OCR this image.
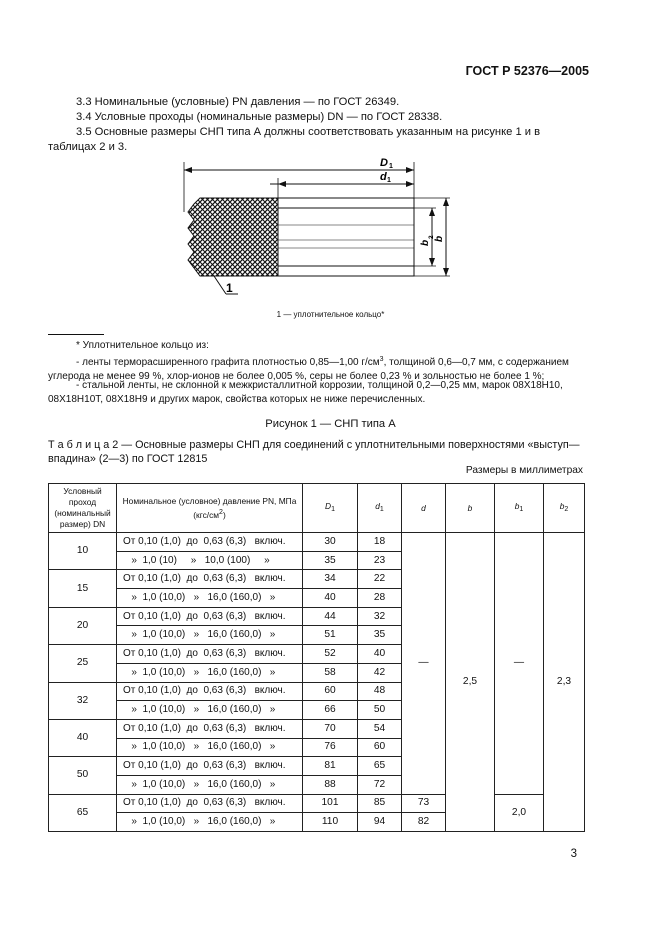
ГОСТ Р 52376—2005
3.3 Номинальные (условные) PN давления — по ГОСТ 26349.
3.4 Условные проходы (номинальные размеры) DN — по ГОСТ 28338.
3.5 Основные размеры СНП типа А должны соответствовать указанным на рисунке 1 и в таблицах 2 и 3.
D 1
d 1
b
2 b
1
1 — уплотнительное кольцо*
* Уплотнительное кольцо из:
- ленты терморасширенного графита плотностью 0,85—1,00 $г/см^3$, толщиной 0,6—0,7 мм, с содержанием углерода не менее 99 %, хлор-ионов не более 0,005 %, серы не более 0,23 % и зольностью не более 1 %;
- стальной ленты, не склонной к межкристаллитной коррозии, толщиной 0,2—0,25 мм, марок 08Х18Н10, 08Х18Н10Т, 08Х18Н9 и других марок, свойства которых не ниже перечисленных.
Рисунок 1 — СНП типа А
Т а б л и ц а 2 — Основные размеры СНП для соединений с уплотнительными поверхностями «выступ—впадина» (2—3) по ГОСТ 12815
Размеры в миллиметрах
Условный проход (номинальный размер) DN	Номинальное (условное) давление PN, МПа $(кгс/см^2)$	$D_1$	$d_1$	d	b	$b_1$	$b_2$
10	От 0,10 (1,0)  до  0,63 (6,3)   включ.	30	18	—	2,5	—	2,3
	»  1,0 (10)     »   10,0 (100)     »	35	23				
15	От 0,10 (1,0)  до  0,63 (6,3)   включ.	34	22				
	»  1,0 (10,0)   »   16,0 (160,0)   »	40	28				
20	От 0,10 (1,0)  до  0,63 (6,3)   включ.	44	32				
	»  1,0 (10,0)   »   16,0 (160,0)   »	51	35				
25	От 0,10 (1,0)  до  0,63 (6,3)   включ.	52	40				
	»  1,0 (10,0)   »   16,0 (160,0)   »	58	42				
32	От 0,10 (1,0)  до  0,63 (6,3)   включ.	60	48				
	»  1,0 (10,0)   »   16,0 (160,0)   »	66	50				
40	От 0,10 (1,0)  до  0,63 (6,3)   включ.	70	54				
	»  1,0 (10,0)   »   16,0 (160,0)   »	76	60				
50	От 0,10 (1,0)  до  0,63 (6,3)   включ.	81	65				
	»  1,0 (10,0)   »   16,0 (160,0)   »	88	72				
65	От 0,10 (1,0)  до  0,63 (6,3)   включ.	101	85	73		2,0	
	»  1,0 (10,0)   »   16,0 (160,0)   »	110	94	82			
3
